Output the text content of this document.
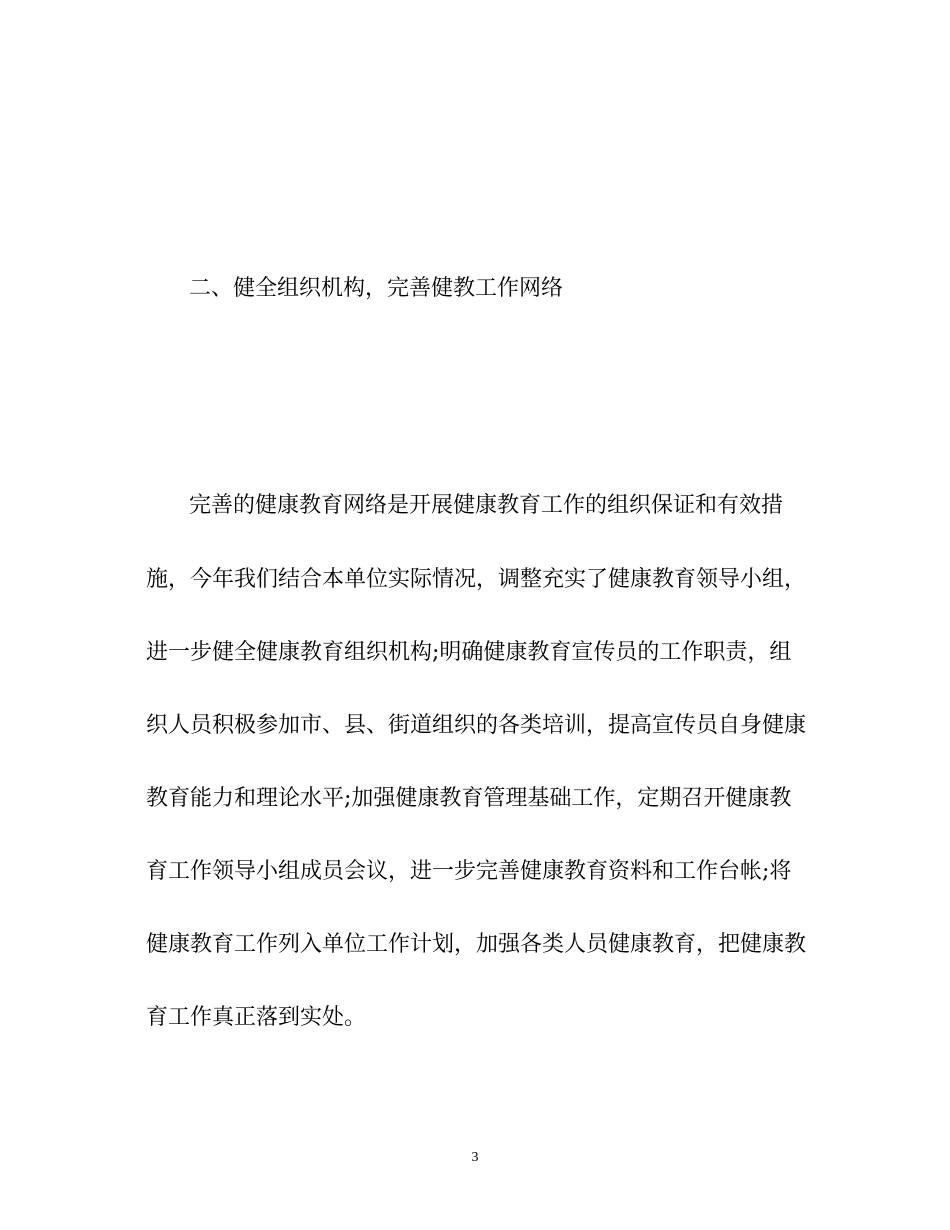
二、健全组织机构，完善健教工作网络

完善的健康教育网络是开展健康教育工作的组织保证和有效措

施，今年我们结合本单位实际情况，调整充实了健康教育领导小组，

进一步健全健康教育组织机构;明确健康教育宣传员的工作职责，组

织人员积极参加市、县、街道组织的各类培训，提高宣传员自身健康

教育能力和理论水平;加强健康教育管理基础工作，定期召开健康教

育工作领导小组成员会议，进一步完善健康教育资料和工作台帐;将

健康教育工作列入单位工作计划，加强各类人员健康教育，把健康教

育工作真正落到实处。

3
